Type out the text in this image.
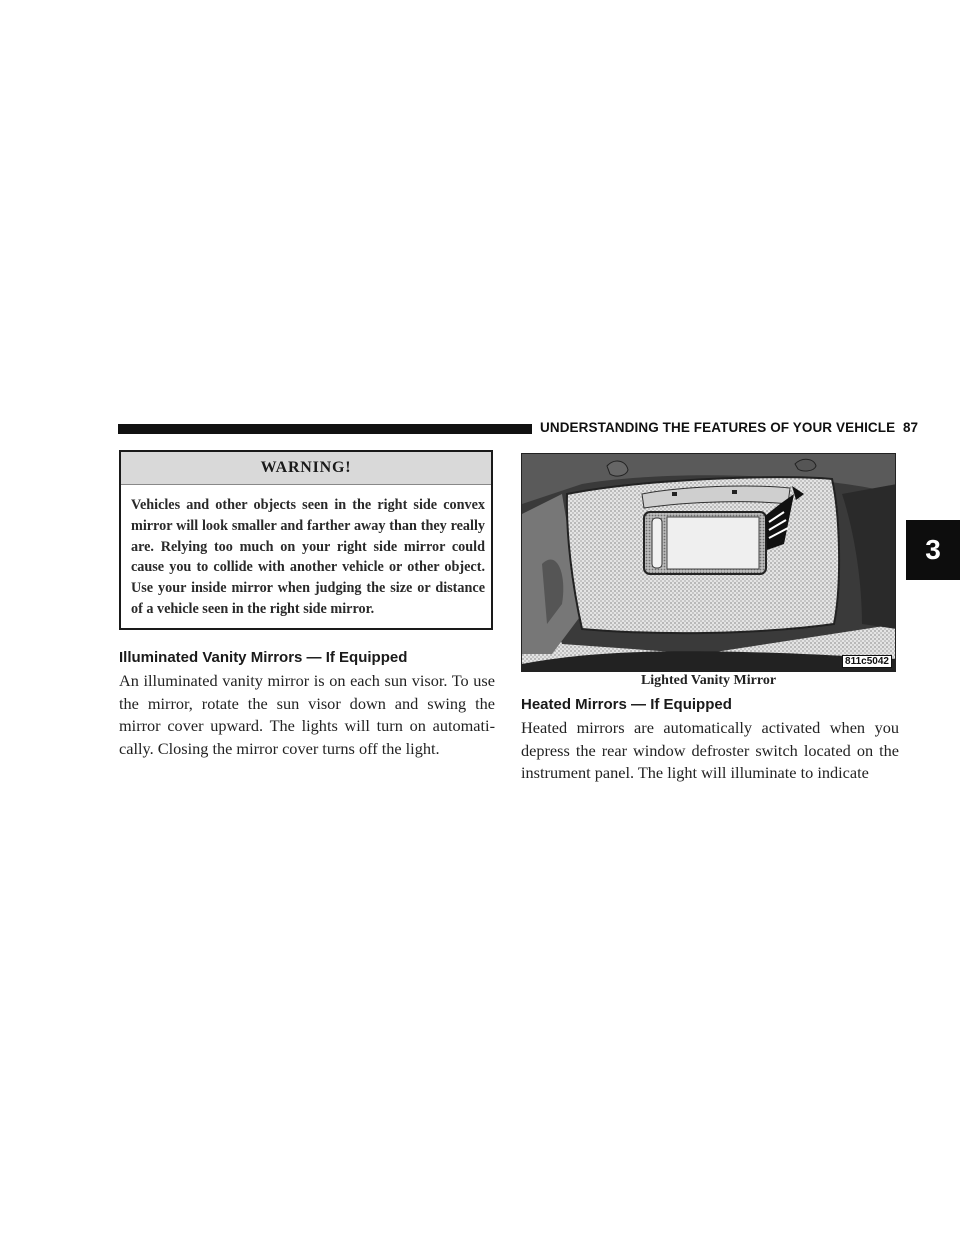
UNDERSTANDING THE FEATURES OF YOUR VEHICLE 87
3
WARNING!
Vehicles and other objects seen in the right side convex mirror will look smaller and farther away than they really are. Relying too much on your right side mirror could cause you to collide with another vehicle or other object. Use your inside mirror when judging the size or distance of a vehicle seen in the right side mirror.
Illuminated Vanity Mirrors — If Equipped
An illuminated vanity mirror is on each sun visor. To use the mirror, rotate the sun visor down and swing the mirror cover upward. The lights will turn on automati-cally. Closing the mirror cover turns off the light.
811c5042
Lighted Vanity Mirror
Heated Mirrors — If Equipped
Heated mirrors are automatically activated when you depress the rear window defroster switch located on the instrument panel. The light will illuminate to indicate
